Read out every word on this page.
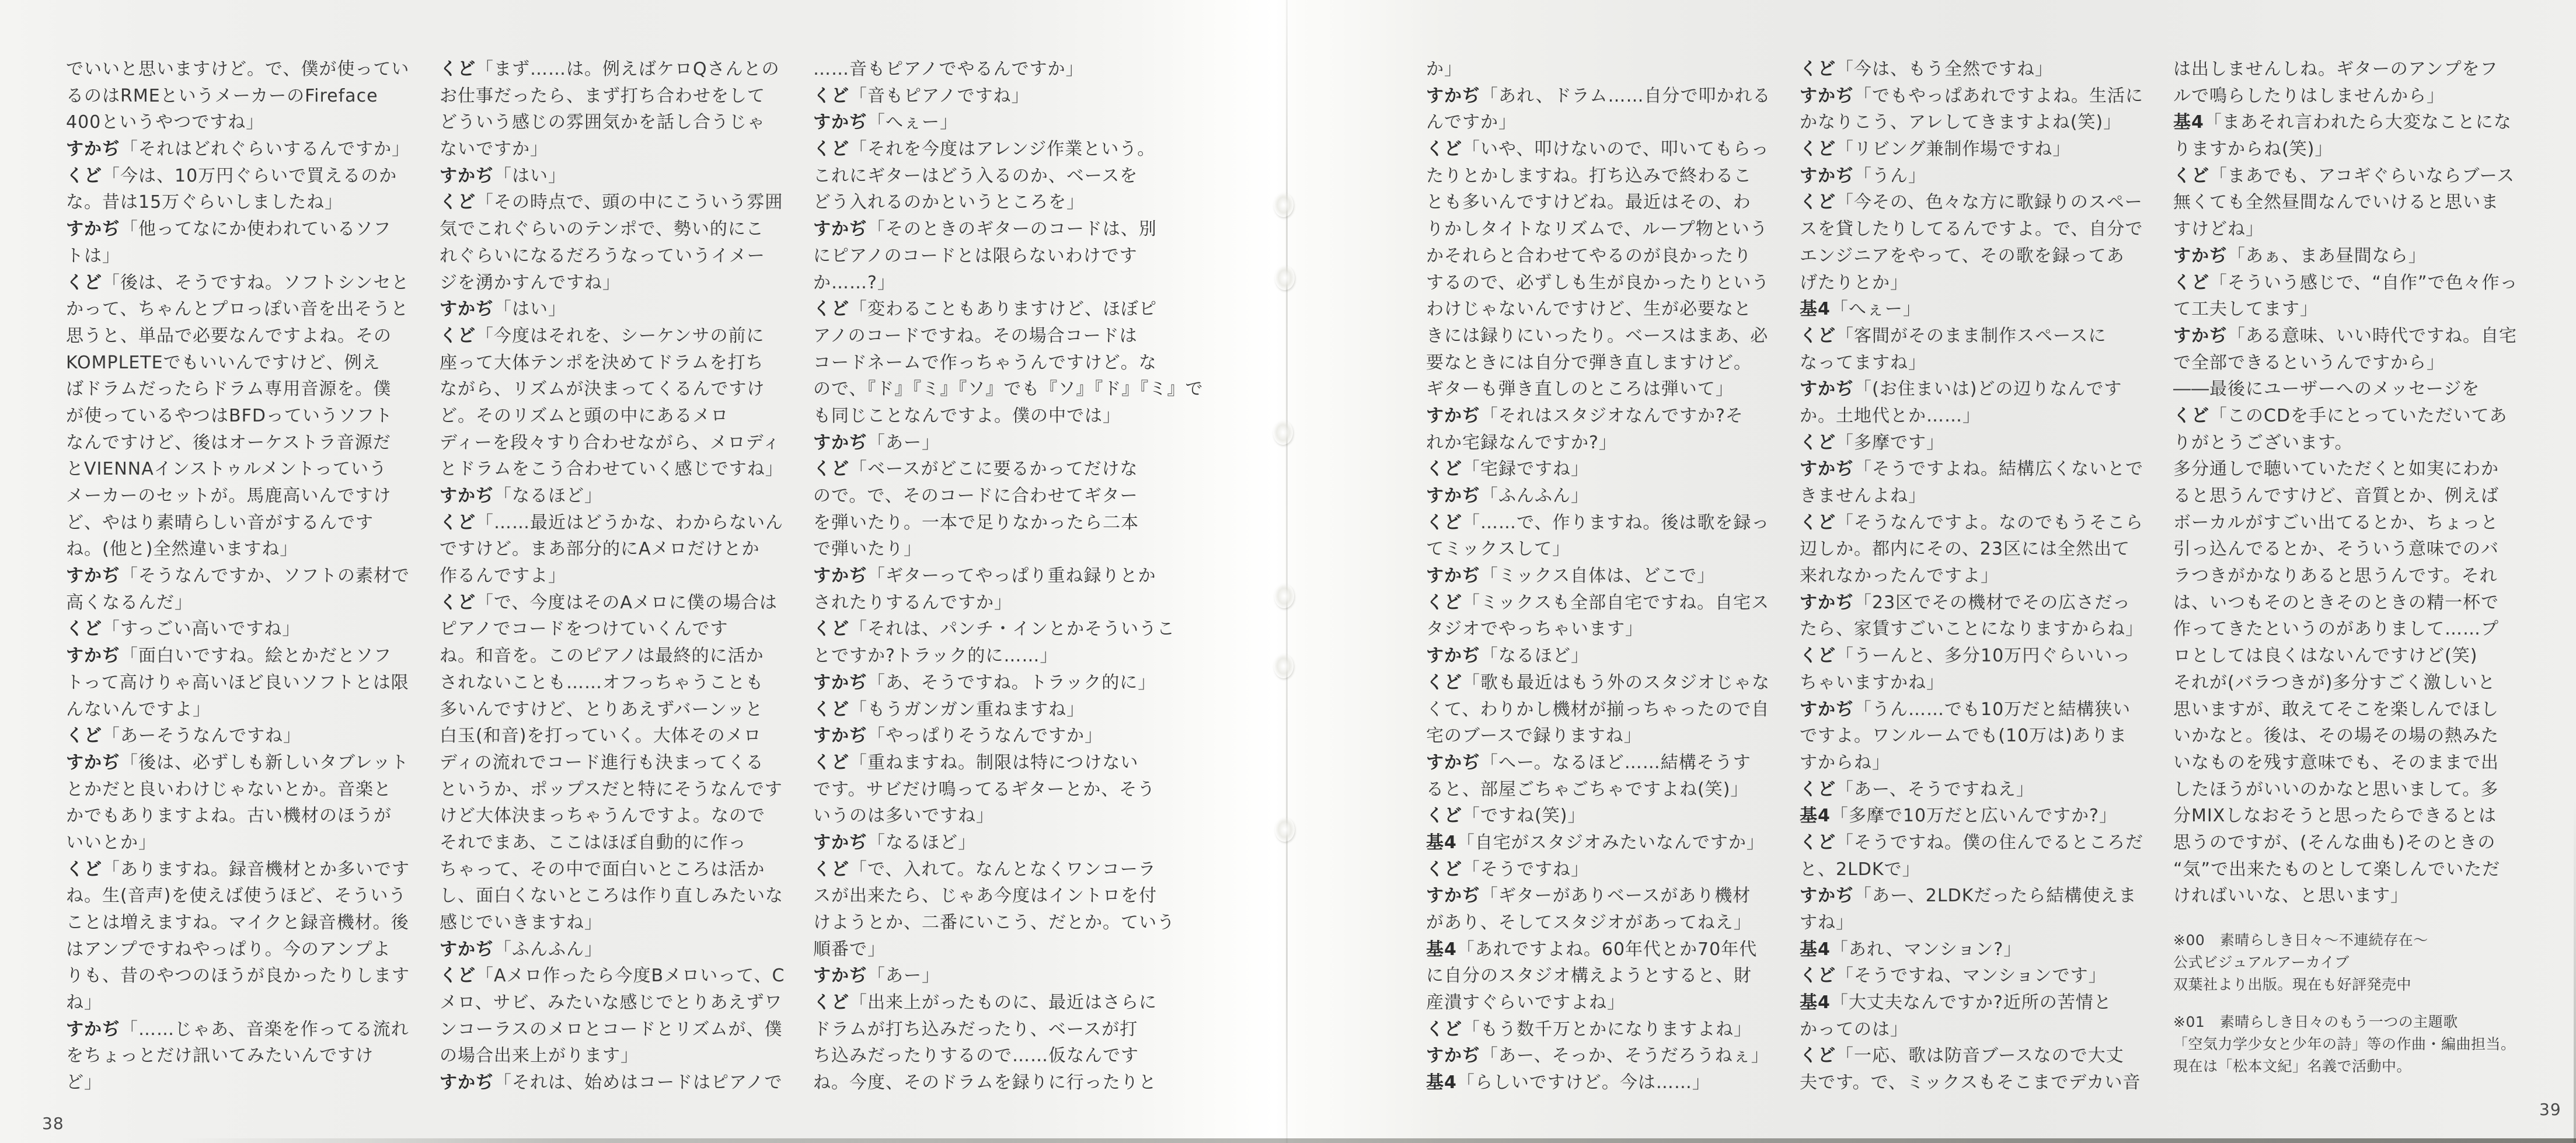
でいいと思いますけど。で、僕が使ってい
るのはRMEというメーカーのFireface
400というやつですね」
すかぢ「それはどれぐらいするんですか」
くど「今は、10万円ぐらいで買えるのか
な。昔は15万ぐらいしましたね」
すかぢ「他ってなにか使われているソフ
トは」
くど「後は、そうですね。ソフトシンセと
かって、ちゃんとプロっぽい音を出そうと
思うと、単品で必要なんですよね。その
KOMPLETEでもいいんですけど、例え
ばドラムだったらドラム専用音源を。僕
が使っているやつはBFDっていうソフト
なんですけど、後はオーケストラ音源だ
とVIENNAインストゥルメントっていう
メーカーのセットが。馬鹿高いんですけ
ど、やはり素晴らしい音がするんです
ね。(他と)全然違いますね」
すかぢ「そうなんですか、ソフトの素材で
高くなるんだ」
くど「すっごい高いですね」
すかぢ「面白いですね。絵とかだとソフ
トって高けりゃ高いほど良いソフトとは限
んないんですよ」
くど「あーそうなんですね」
すかぢ「後は、必ずしも新しいタブレット
とかだと良いわけじゃないとか。音楽と
かでもありますよね。古い機材のほうが
いいとか」
くど「ありますね。録音機材とか多いです
ね。生(音声)を使えば使うほど、そういう
ことは増えますね。マイクと録音機材。後
はアンプですねやっぱり。今のアンプよ
りも、昔のやつのほうが良かったりします
ね」
すかぢ「……じゃあ、音楽を作ってる流れ
をちょっとだけ訊いてみたいんですけ
ど」
くど「まず……は。例えばケロQさんとの
お仕事だったら、まず打ち合わせをして
どういう感じの雰囲気かを話し合うじゃ
ないですか」
すかぢ「はい」
くど「その時点で、頭の中にこういう雰囲
気でこれぐらいのテンポで、勢い的にこ
れぐらいになるだろうなっていうイメー
ジを湧かすんですね」
すかぢ「はい」
くど「今度はそれを、シーケンサの前に
座って大体テンポを決めてドラムを打ち
ながら、リズムが決まってくるんですけ
ど。そのリズムと頭の中にあるメロ
ディーを段々すり合わせながら、メロディ
とドラムをこう合わせていく感じですね」
すかぢ「なるほど」
くど「……最近はどうかな、わからないん
ですけど。まあ部分的にAメロだけとか
作るんですよ」
くど「で、今度はそのAメロに僕の場合は
ピアノでコードをつけていくんです
ね。和音を。このピアノは最終的に活か
されないことも……オフっちゃうことも
多いんですけど、とりあえずバーンッと
白玉(和音)を打っていく。大体そのメロ
ディの流れでコード進行も決まってくる
というか、ポップスだと特にそうなんです
けど大体決まっちゃうんですよ。なので
それでまあ、ここはほぼ自動的に作っ
ちゃって、その中で面白いところは活か
し、面白くないところは作り直しみたいな
感じでいきますね」
すかぢ「ふんふん」
くど「Aメロ作ったら今度Bメロいって、C
メロ、サビ、みたいな感じでとりあえずワ
ンコーラスのメロとコードとリズムが、僕
の場合出来上がります」
すかぢ「それは、始めはコードはピアノで
……音もピアノでやるんですか」
くど「音もピアノですね」
すかぢ「へぇー」
くど「それを今度はアレンジ作業という。
これにギターはどう入るのか、ベースを
どう入れるのかというところを」
すかぢ「そのときのギターのコードは、別
にピアノのコードとは限らないわけです
か……?」
くど「変わることもありますけど、ほぼピ
アノのコードですね。その場合コードは
コードネームで作っちゃうんですけど。な
ので、『ド』『ミ』『ソ』でも『ソ』『ド』『ミ』で
も同じことなんですよ。僕の中では」
すかぢ「あー」
くど「ベースがどこに要るかってだけな
ので。で、そのコードに合わせてギター
を弾いたり。一本で足りなかったら二本
で弾いたり」
すかぢ「ギターってやっぱり重ね録りとか
されたりするんですか」
くど「それは、パンチ・インとかそういうこ
とですか?トラック的に……」
すかぢ「あ、そうですね。トラック的に」
くど「もうガンガン重ねますね」
すかぢ「やっぱりそうなんですか」
くど「重ねますね。制限は特につけない
です。サビだけ鳴ってるギターとか、そう
いうのは多いですね」
すかぢ「なるほど」
くど「で、入れて。なんとなくワンコーラ
スが出来たら、じゃあ今度はイントロを付
けようとか、二番にいこう、だとか。ていう
順番で」
すかぢ「あー」
くど「出来上がったものに、最近はさらに
ドラムが打ち込みだったり、ベースが打
ち込みだったりするので……仮なんです
ね。今度、そのドラムを録りに行ったりと
38
か」
すかぢ「あれ、ドラム……自分で叩かれる
んですか」
くど「いや、叩けないので、叩いてもらっ
たりとかしますね。打ち込みで終わるこ
とも多いんですけどね。最近はその、わ
りかしタイトなリズムで、ループ物という
かそれらと合わせてやるのが良かったり
するので、必ずしも生が良かったりという
わけじゃないんですけど、生が必要なと
きには録りにいったり。ベースはまあ、必
要なときには自分で弾き直しますけど。
ギターも弾き直しのところは弾いて」
すかぢ「それはスタジオなんですか?そ
れか宅録なんですか?」
くど「宅録ですね」
すかぢ「ふんふん」
くど「……で、作りますね。後は歌を録っ
てミックスして」
すかぢ「ミックス自体は、どこで」
くど「ミックスも全部自宅ですね。自宅ス
タジオでやっちゃいます」
すかぢ「なるほど」
くど「歌も最近はもう外のスタジオじゃな
くて、わりかし機材が揃っちゃったので自
宅のブースで録りますね」
すかぢ「へー。なるほど……結構そうす
ると、部屋ごちゃごちゃですよね(笑)」
くど「ですね(笑)」
基4「自宅がスタジオみたいなんですか」
くど「そうですね」
すかぢ「ギターがありベースがあり機材
があり、そしてスタジオがあってねえ」
基4「あれですよね。60年代とか70年代
に自分のスタジオ構えようとすると、財
産潰すぐらいですよね」
くど「もう数千万とかになりますよね」
すかぢ「あー、そっか、そうだろうねぇ」
基4「らしいですけど。今は……」
くど「今は、もう全然ですね」
すかぢ「でもやっぱあれですよね。生活に
かなりこう、アレしてきますよね(笑)」
くど「リビング兼制作場ですね」
すかぢ「うん」
くど「今その、色々な方に歌録りのスペー
スを貸したりしてるんですよ。で、自分で
エンジニアをやって、その歌を録ってあ
げたりとか」
基4「へぇー」
くど「客間がそのまま制作スペースに
なってますね」
すかぢ「(お住まいは)どの辺りなんです
か。土地代とか……」
くど「多摩です」
すかぢ「そうですよね。結構広くないとで
きませんよね」
くど「そうなんですよ。なのでもうそこら
辺しか。都内にその、23区には全然出て
来れなかったんですよ」
すかぢ「23区でその機材でその広さだっ
たら、家賃すごいことになりますからね」
くど「うーんと、多分10万円ぐらいいっ
ちゃいますかね」
すかぢ「うん……でも10万だと結構狭い
ですよ。ワンルームでも(10万は)ありま
すからね」
くど「あー、そうですねえ」
基4「多摩で10万だと広いんですか?」
くど「そうですね。僕の住んでるところだ
と、2LDKで」
すかぢ「あー、2LDKだったら結構使えま
すね」
基4「あれ、マンション?」
くど「そうですね、マンションです」
基4「大丈夫なんですか?近所の苦情と
かってのは」
くど「一応、歌は防音ブースなので大丈
夫です。で、ミックスもそこまでデカい音
は出しませんしね。ギターのアンプをフ
ルで鳴らしたりはしませんから」
基4「まあそれ言われたら大変なことにな
りますからね(笑)」
くど「まあでも、アコギぐらいならブース
無くても全然昼間なんでいけると思いま
すけどね」
すかぢ「あぁ、まあ昼間なら」
くど「そういう感じで、“自作”で色々作っ
て工夫してます」
すかぢ「ある意味、いい時代ですね。自宅
で全部できるというんですから」
――最後にユーザーへのメッセージを
くど「このCDを手にとっていただいてあ
りがとうございます。
多分通しで聴いていただくと如実にわか
ると思うんですけど、音質とか、例えば
ボーカルがすごい出てるとか、ちょっと
引っ込んでるとか、そういう意味でのバ
ラつきがかなりあると思うんです。それ
は、いつもそのときそのときの精一杯で
作ってきたというのがありまして……プ
ロとしては良くはないんですけど(笑)
それが(バラつきが)多分すごく激しいと
思いますが、敢えてそこを楽しんでほし
いかなと。後は、その場その場の熱みた
いなものを残す意味でも、そのままで出
したほうがいいのかなと思いまして。多
分MIXしなおそうと思ったらできるとは
思うのですが、(そんな曲も)そのときの
“気”で出来たものとして楽しんでいただ
ければいいな、と思います」
※00　素晴らしき日々〜不連続存在〜
公式ビジュアルアーカイブ
双葉社より出版。現在も好評発売中
※01　素晴らしき日々のもう一つの主題歌
「空気力学少女と少年の詩」等の作曲・編曲担当。
現在は「松本文紀」名義で活動中。
39
